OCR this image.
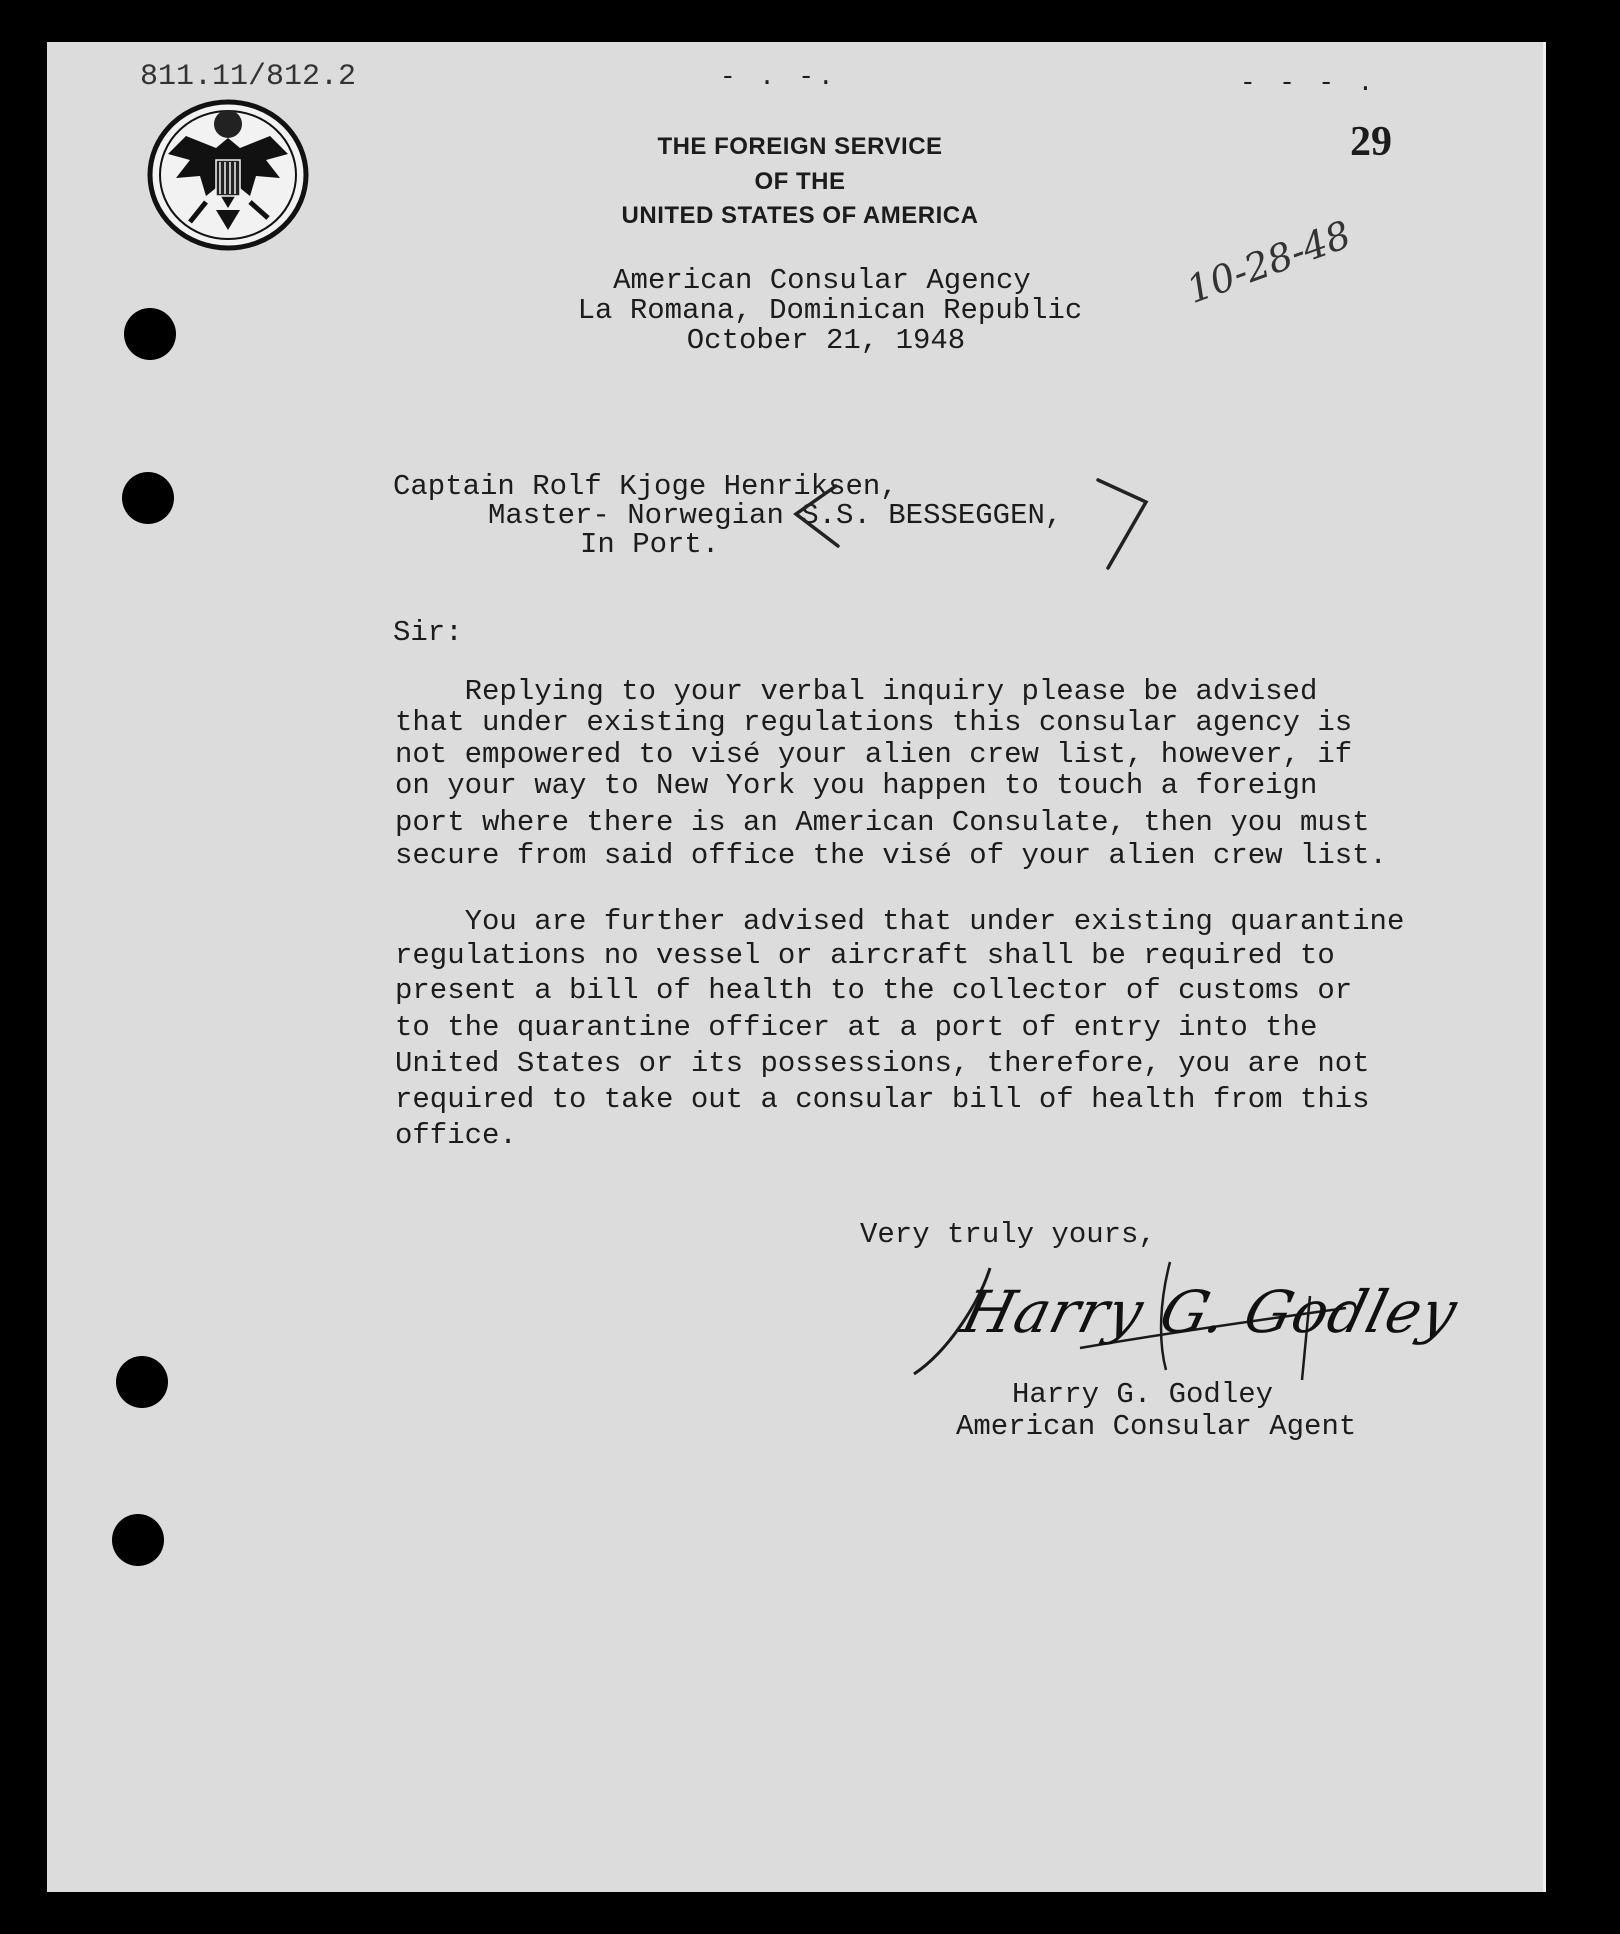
811.11/812.2	- . -.	- - - .
29
THE FOREIGN SERVICE
OF THE
UNITED STATES OF AMERICA
American Consular Agency
La Romana, Dominican Republic
October 21, 1948
10-28-48
Captain Rolf Kjoge Henriksen,
Master- Norwegian S.S. BESSEGGEN,
In Port.
Sir:
Replying to your verbal inquiry please be advised
that under existing regulations this consular agency is
not empowered to visé your alien crew list, however, if
on your way to New York you happen to touch a foreign
port where there is an American Consulate, then you must
secure from said office the visé of your alien crew list.
You are further advised that under existing quarantine
regulations no vessel or aircraft shall be required to
present a bill of health to the collector of customs or
to the quarantine officer at a port of entry into the
United States or its possessions, therefore, you are not
required to take out a consular bill of health from this
office.
Very truly yours,
Harry G. Godley
Harry G. Godley
American Consular Agent
